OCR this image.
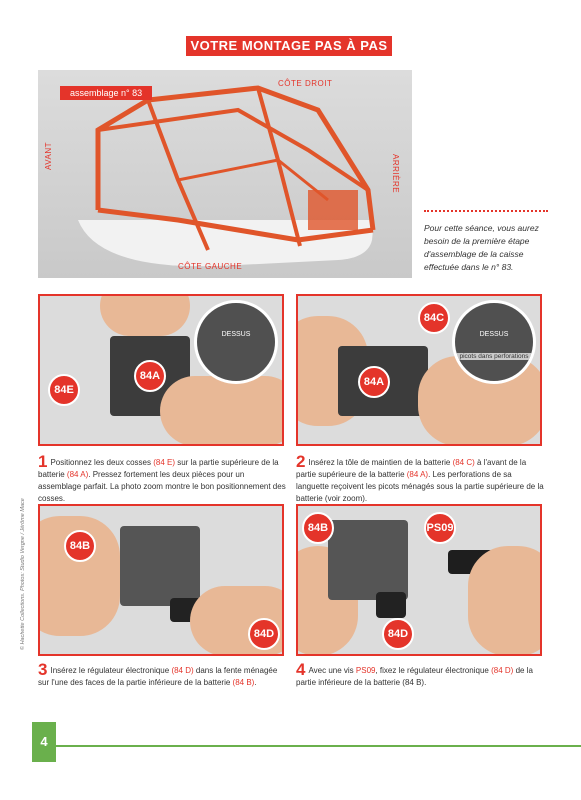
VOTRE MONTAGE PAS À PAS
assemblage n° 83
CÔTE DROIT
CÔTE GAUCHE
AVANT	ARRIÈRE
Pour cette séance, vous aurez besoin de la première étape d'assemblage de la caisse effectuée dans le n° 83.
84A
84E
DESSUS
84A
84C
DESSUS
picots dans perforations
84B
84D
84B	PS09
84D
1 Positionnez les deux cosses (84 E) sur la partie supérieure de la batterie (84 A). Pressez fortement les deux pièces pour un assemblage parfait. La photo zoom montre le bon positionnement des cosses.
2 Insérez la tôle de maintien de la batterie (84 C) à l'avant de la partie supérieure de la batterie (84 A). Les perforations de sa languette reçoivent les picots ménagés sous la partie supérieure de la batterie (voir zoom).
3 Insérez le régulateur électronique (84 D) dans la fente ménagée sur l'une des faces de la partie inférieure de la batterie (84 B).
4 Avec une vis PS09, fixez le régulateur électronique (84 D) de la partie inférieure de la batterie (84 B).
© Hachette Collections. Photos: Studio Vergne / Jérôme Mace
4
